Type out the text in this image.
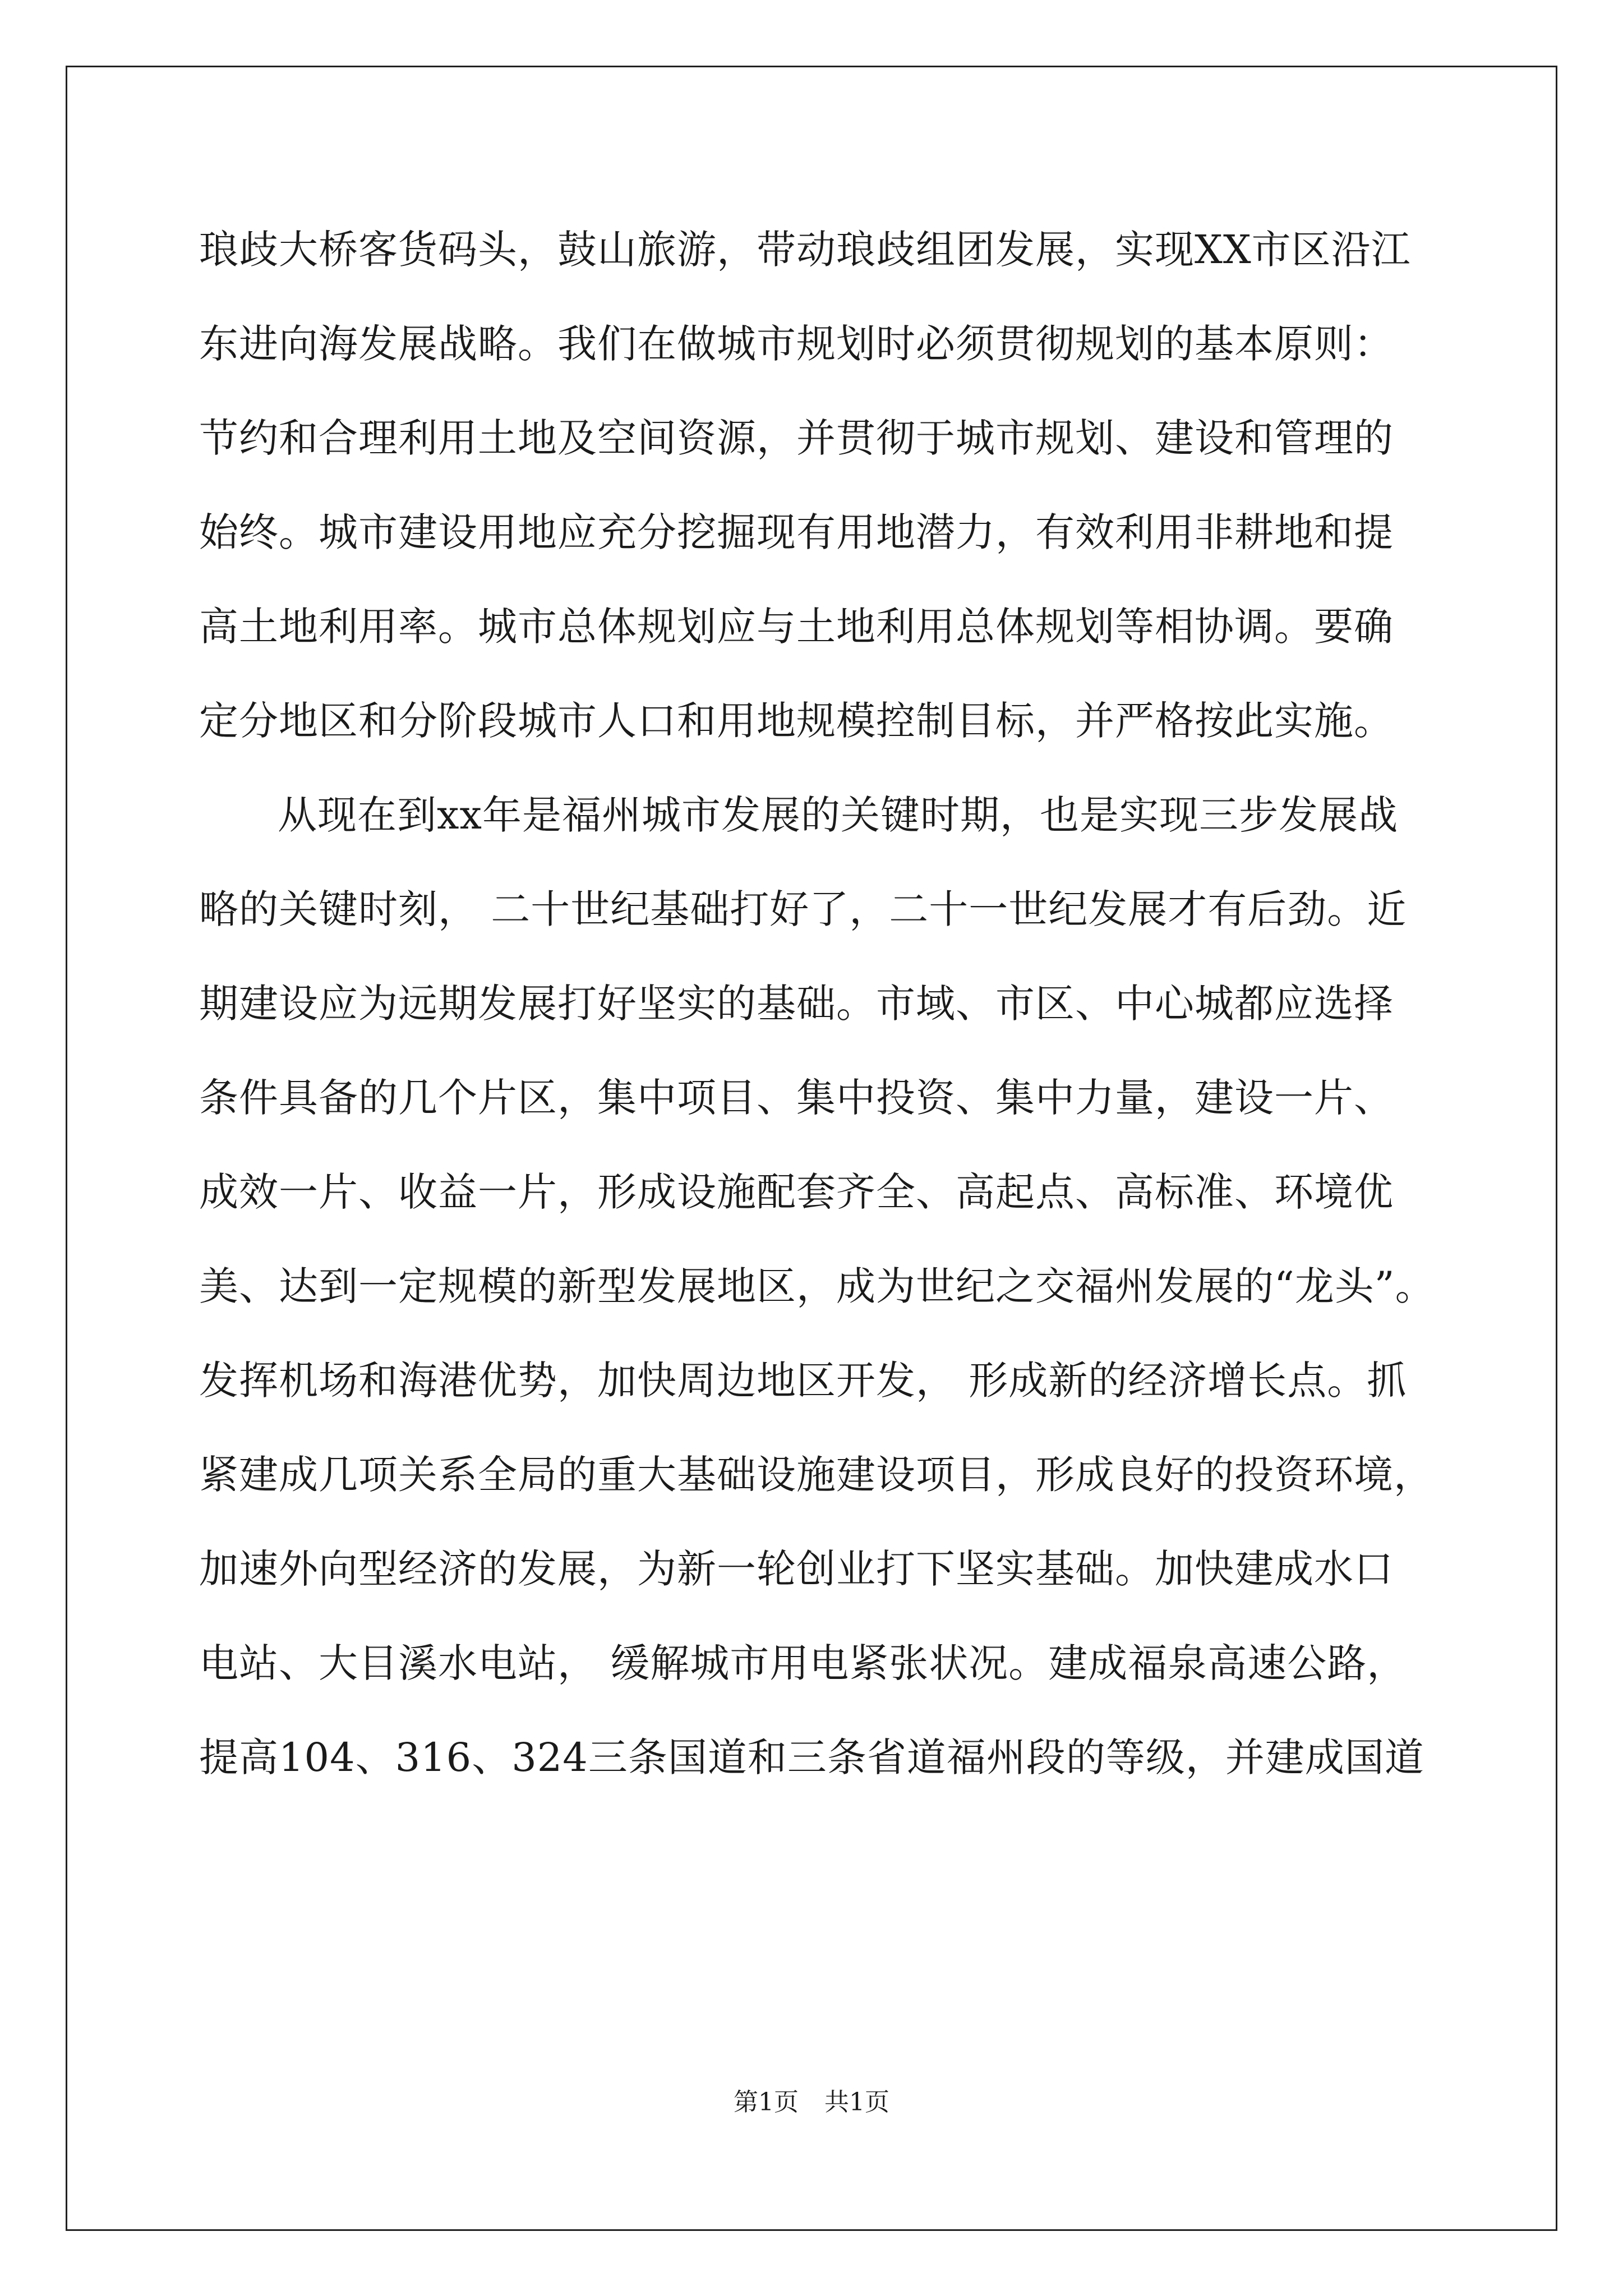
琅歧大桥客货码头，鼓山旅游，带动琅歧组团发展，实现XX市区沿江
东进向海发展战略。我们在做城市规划时必须贯彻规划的基本原则：
节约和合理利用土地及空间资源，并贯彻于城市规划、建设和管理的
始终。城市建设用地应充分挖掘现有用地潜力，有效利用非耕地和提
高土地利用率。城市总体规划应与土地利用总体规划等相协调。要确
定分地区和分阶段城市人口和用地规模控制目标，并严格按此实施。
从现在到xx年是福州城市发展的关键时期，也是实现三步发展战
略的关键时刻， 二十世纪基础打好了，二十一世纪发展才有后劲。近
期建设应为远期发展打好坚实的基础。市域、市区、中心城都应选择
条件具备的几个片区，集中项目、集中投资、集中力量，建设一片、
成效一片、收益一片，形成设施配套齐全、高起点、高标准、环境优
美、达到一定规模的新型发展地区，成为世纪之交福州发展的“龙头”。
发挥机场和海港优势，加快周边地区开发， 形成新的经济增长点。抓
紧建成几项关系全局的重大基础设施建设项目，形成良好的投资环境，
加速外向型经济的发展，为新一轮创业打下坚实基础。加快建成水口
电站、大目溪水电站， 缓解城市用电紧张状况。建成福泉高速公路，
提高104、316、324三条国道和三条省道福州段的等级，并建成国道
第1页 共1页
